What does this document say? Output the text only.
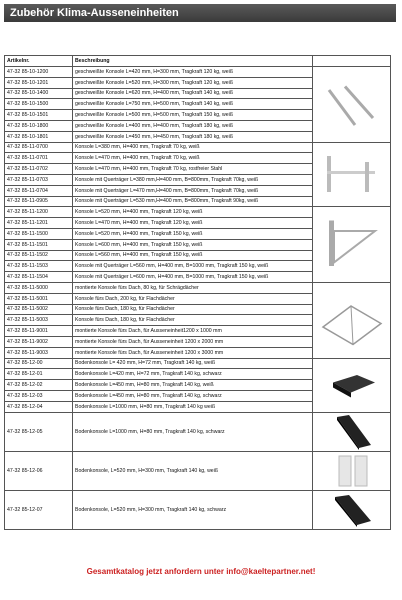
Zubehör Klima-Ausseneinheiten
Artikelnr.	Beschreibung	
47-32 85-10-1200	geschweißte Konsole L=420 mm, H=300 mm, Tragkraft 120 kg, weiß	

47-32 85-10-1201	geschweißte Konsole L=520 mm, H=300 mm, Tragkraft 120 kg, weiß	
47-32 85-10-1400	geschweißte Konsole L=620 mm, H=400 mm, Tragkraft 140 kg, weiß	
47-32 85-10-1500	geschweißte Konsole L=750 mm, H=500 mm, Tragkraft 140 kg, weiß	
47-32 85-10-1501	geschweißte Konsole L=500 mm, H=500 mm, Tragkraft 150 kg, weiß	
47-32 85-10-1800	geschweißte Konsole L=400 mm, H=400 mm, Tragkraft 180 kg, weiß	
47-32 85-10-1801	geschweißte Konsole L=450 mm, H=450 mm, Tragkraft 180 kg, weiß	
47-32 85-11-0700	Konsole L=380 mm, H=400 mm, Tragkraft 70 kg, weiß	

47-32 85-11-0701	Konsole L=470 mm, H=400 mm, Tragkraft 70 kg, weiß	
47-32 85-11-0702	Konsole L=470 mm, H=400 mm, Tragkraft 70 kg, rostfreier Stahl	
47-32 85-11-0703	Konsole mit Querträger L=380 mm,H=400 mm, B=800mm, Tragkraft 70kg, weiß	
47-32 85-11-0704	Konsole mit Querträger L=470 mm,H=400 mm, B=800mm, Tragkraft 70kg, weiß	
47-32 85-11-0905	Konsole mit Querträger L=530 mm,H=400 mm, B=800mm, Tragkraft 90kg, weiß	
47-32 85-11-1200	Konsole L=520 mm, H=400 mm, Tragkraft 120 kg, weiß	

47-32 85-11-1201	Konsole L=470 mm, H=400 mm, Tragkraft 120 kg, weiß	
47-32 85-11-1500	Konsole L=520 mm, H=400 mm, Tragkraft 150 kg, weiß	
47-32 85-11-1501	Konsole L=600 mm, H=400 mm, Tragkraft 150 kg, weiß	
47-32 85-11-1502	Konsole L=560 mm, H=400 mm, Tragkraft 150 kg, weiß	
47-32 85-11-1503	Konsole mit Querträger L=560 mm, H=400 mm, B=1000 mm, Tragkraft 150 kg, weiß	
47-32 85-11-1504	Konsole mit Querträger L=600 mm, H=400 mm, B=1000 mm, Tragkraft 150 kg, weiß	
47-32 85-11-5000	montierte Konsole fürs Dach, 80 kg, für Schrägdächer	

47-32 85-11-5001	Konsole fürs Dach, 200 kg, für Flachdächer	
47-32 85-11-5002	Konsole fürs Dach, 180 kg, für Flachdächer	
47-32 85-11-5003	Konsole fürs Dach, 180 kg, für Flachdächer	
47-32 85-11-9001	montierte Konsole fürs Dach, für Ausseneinheit1200 x 1000 mm	
47-32 85-11-9002	montierte Konsole fürs Dach, für Ausseneinheit 1200 x 2000 mm	
47-32 85-11-9003	montierte Konsole fürs Dach, für Ausseneinheit 1200 x 3000 mm	
47-32 85-12-00	Bodenkonsole L= 420 mm, H=72 mm, Tragkraft 140 kg, weiß	

47-32 85-12-01	Bodenkonsole L=420 mm, H=72 mm, Tragkraft 140 kg, schwarz	
47-32 85-12-02	Bodenkonsole L=450 mm, H=80 mm, Tragkraft 140 kg, weiß	
47-32 85-12-03	Bodenkonsole L=450 mm, H=80 mm, Tragkraft 140 kg, schwarz	
47-32 85-12-04	Bodenkonsole L=1000 mm, H=80 mm, Tragkraft 140 kg weiß	
47-32 85-12-05	Bodenkonsole L=1000 mm, H=80 mm, Tragkraft 140 kg, schwarz	

47-32 85-12-06	Bodenkonsole, L=520 mm, H=300 mm, Tragkraft 140 kg, weiß	

47-32 85-12-07	Bodenkonsole, L=520 mm, H=300 mm, Tragkraft 140 kg, schwarz	
Gesamtkatalog jetzt anfordern unter info@kaeltepartner.net!
